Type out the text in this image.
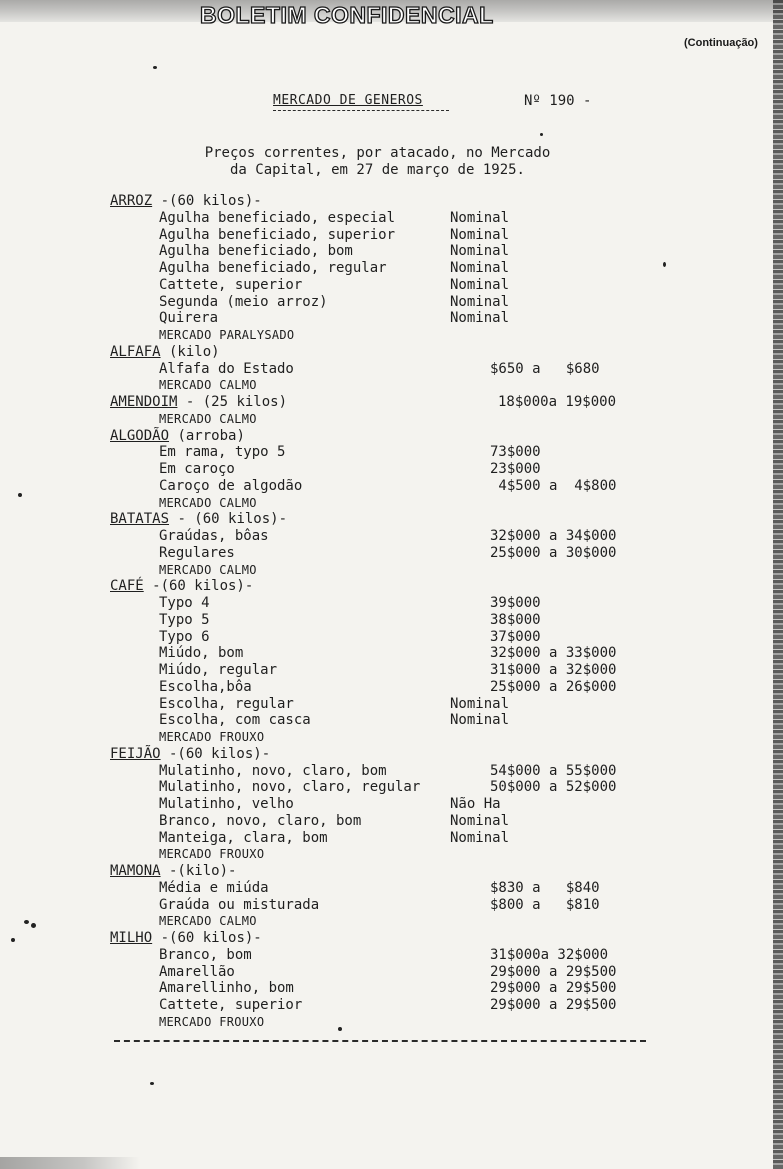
BOLETIM CONFIDENCIAL
(Continuação)
MERCADO DE GENEROS	Nº 190 -
Preços correntes, por atacado, no Mercado
da Capital, em 27 de março de 1925.
ARROZ -(60 kilos)-
Agulha beneficiado, especial	Nominal
Agulha beneficiado, superior	Nominal
Agulha beneficiado, bom	Nominal
Agulha beneficiado, regular	Nominal
Cattete, superior	Nominal
Segunda (meio arroz)	Nominal
Quirera	Nominal
MERCADO PARALYSADO
ALFAFA (kilo)
Alfafa do Estado	$650 a   $680
MERCADO CALMO
AMENDOIM - (25 kilos)	18$000a 19$000
MERCADO CALMO
ALGODÃO (arroba)
Em rama, typo 5	73$000
Em caroço	23$000
Caroço de algodão	4$500 a  4$800
MERCADO CALMO
BATATAS - (60 kilos)-
Graúdas, bôas	32$000 a 34$000
Regulares	25$000 a 30$000
MERCADO CALMO
CAFÉ -(60 kilos)-
Typo 4	39$000
Typo 5	38$000
Typo 6	37$000
Miúdo, bom	32$000 a 33$000
Miúdo, regular	31$000 a 32$000
Escolha,bôa	25$000 a 26$000
Escolha, regular	Nominal
Escolha, com casca	Nominal
MERCADO FROUXO
FEIJÃO -(60 kilos)-
Mulatinho, novo, claro, bom	54$000 a 55$000
Mulatinho, novo, claro, regular	50$000 a 52$000
Mulatinho, velho	Não Ha
Branco, novo, claro, bom	Nominal
Manteiga, clara, bom	Nominal
MERCADO FROUXO
MAMONA -(kilo)-
Média e miúda	$830 a   $840
Graúda ou misturada	$800 a   $810
MERCADO CALMO
MILHO -(60 kilos)-
Branco, bom	31$000a 32$000
Amarellão	29$000 a 29$500
Amarellinho, bom	29$000 a 29$500
Cattete, superior	29$000 a 29$500
MERCADO FROUXO
